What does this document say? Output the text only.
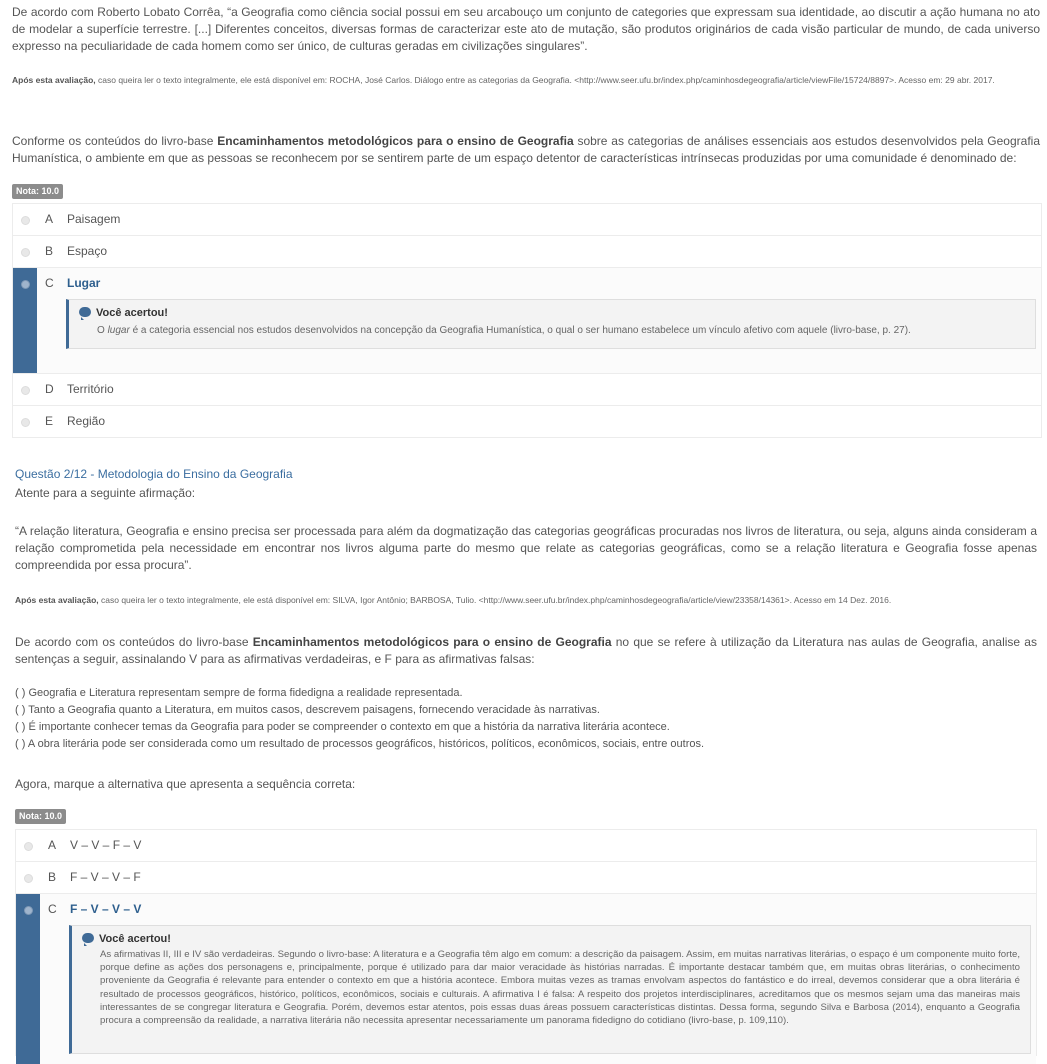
De acordo com Roberto Lobato Corrêa, “a Geografia como ciência social possui em seu arcabouço um conjunto de categories que expressam sua identidade, ao discutir a ação humana no ato de modelar a superfície terrestre. [...] Diferentes conceitos, diversas formas de caracterizar este ato de mutação, são produtos originários de cada visão particular de mundo, de cada universo expresso na peculiaridade de cada homem como ser único, de culturas geradas em civilizações singulares”.

Após esta avaliação, caso queira ler o texto integralmente, ele está disponível em: ROCHA, José Carlos. Diálogo entre as categorias da Geografia. <http://www.seer.ufu.br/index.php/caminhosdegeografia/article/viewFile/15724/8897>. Acesso em: 29 abr. 2017.

Conforme os conteúdos do livro-base Encaminhamentos metodológicos para o ensino de Geografia sobre as categorias de análises essenciais aos estudos desenvolvidos pela Geografia Humanística, o ambiente em que as pessoas se reconhecem por se sentirem parte de um espaço detentor de características intrínsecas produzidas por uma comunidade é denominado de:

Nota: 10.0
A Paisagem
B Espaço
C Lugar
Você acertou!
O lugar é a categoria essencial nos estudos desenvolvidos na concepção da Geografia Humanística, o qual o ser humano estabelece um vínculo afetivo com aquele (livro-base, p. 27).
D Território
E Região
Questão 2/12 - Metodologia do Ensino da Geografia
Atente para a seguinte afirmação:

“A relação literatura, Geografia e ensino precisa ser processada para além da dogmatização das categorias geográficas procuradas nos livros de literatura, ou seja, alguns ainda consideram a relação comprometida pela necessidade em encontrar nos livros alguma parte do mesmo que relate as categorias geográficas, como se a relação literatura e Geografia fosse apenas compreendida por essa procura”.

Após esta avaliação, caso queira ler o texto integralmente, ele está disponível em: SILVA, Igor Antônio; BARBOSA, Tulio. <http://www.seer.ufu.br/index.php/caminhosdegeografia/article/view/23358/14361>. Acesso em 14 Dez. 2016.

De acordo com os conteúdos do livro-base Encaminhamentos metodológicos para o ensino de Geografia no que se refere à utilização da Literatura nas aulas de Geografia, analise as sentenças a seguir, assinalando V para as afirmativas verdadeiras, e F para as afirmativas falsas:

( ) Geografia e Literatura representam sempre de forma fidedigna a realidade representada.
( ) Tanto a Geografia quanto a Literatura, em muitos casos, descrevem paisagens, fornecendo veracidade às narrativas.
( ) É importante conhecer temas da Geografia para poder se compreender o contexto em que a história da narrativa literária acontece.
( ) A obra literária pode ser considerada como um resultado de processos geográficos, históricos, políticos, econômicos, sociais, entre outros.
Agora, marque a alternativa que apresenta a sequência correta:
Nota: 10.0
A V – V – F – V
B F – V – V – F
C F – V – V – V
Você acertou!
As afirmativas II, III e IV são verdadeiras. Segundo o livro-base: A literatura e a Geografia têm algo em comum: a descrição da paisagem. Assim, em muitas narrativas literárias, o espaço é um componente muito forte, porque define as ações dos personagens e, principalmente, porque é utilizado para dar maior veracidade às histórias narradas. É importante destacar também que, em muitas obras literárias, o conhecimento proveniente da Geografia é relevante para entender o contexto em que a história acontece. Embora muitas vezes as tramas envolvam aspectos do fantástico e do irreal, devemos considerar que a obra literária é resultado de processos geográficos, histórico, políticos, econômicos, sociais e culturais. A afirmativa I é falsa: A respeito dos projetos interdisciplinares, acreditamos que os mesmos sejam uma das maneiras mais interessantes de se congregar literatura e Geografia. Porém, devemos estar atentos, pois essas duas áreas possuem características distintas. Dessa forma, segundo Silva e Barbosa (2014), enquanto a Geografia procura a compreensão da realidade, a narrativa literária não necessita apresentar necessariamente um panorama fidedigno do cotidiano (livro-base, p. 109,110).
